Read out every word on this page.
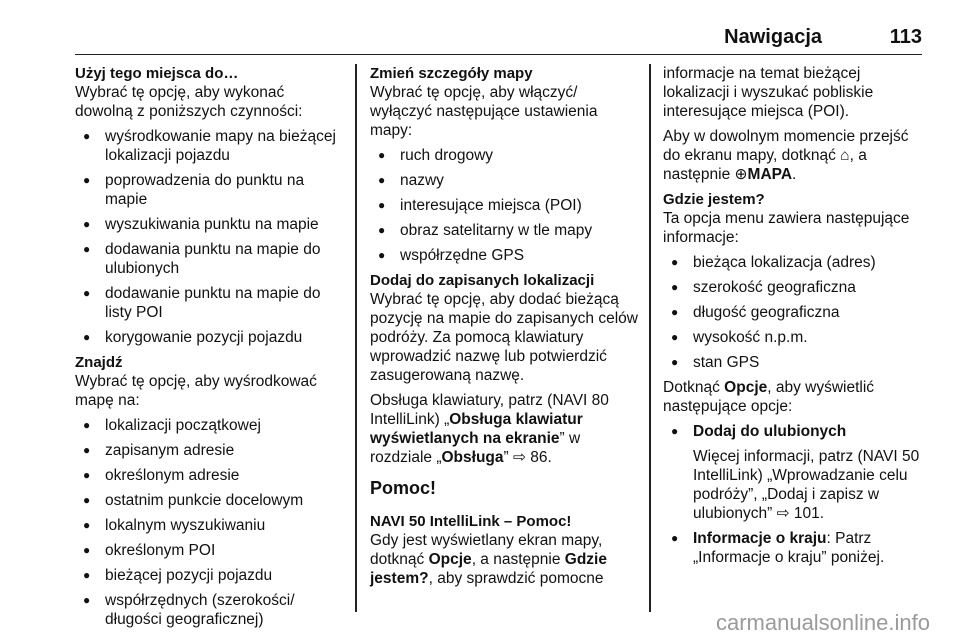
Nawigacja	113
Użyj tego miejsca do…

Wybrać tę opcję, aby wykonać dowolną z poniższych czynności:

● wyśrodkowanie mapy na bieżącej lokalizacji pojazdu
● poprowadzenia do punktu na mapie
● wyszukiwania punktu na mapie
● dodawania punktu na mapie do ulubionych
● dodawanie punktu na mapie do listy POI
● korygowanie pozycji pojazdu
Znajdź

Wybrać tę opcję, aby wyśrodkować mapę na:

● lokalizacji początkowej
● zapisanym adresie
● określonym adresie
● ostatnim punkcie docelowym
● lokalnym wyszukiwaniu
● określonym POI
● bieżącej pozycji pojazdu
● współrzędnych (szerokości/ długości geograficznej)
Zmień szczegóły mapy

Wybrać tę opcję, aby włączyć/ wyłączyć następujące ustawienia mapy:

● ruch drogowy
● nazwy
● interesujące miejsca (POI)
● obraz satelitarny w tle mapy
● współrzędne GPS
Dodaj do zapisanych lokalizacji

Wybrać tę opcję, aby dodać bieżącą pozycję na mapie do zapisanych celów podróży. Za pomocą klawiatury wprowadzić nazwę lub potwierdzić zasugerowaną nazwę.

Obsługa klawiatury, patrz (NAVI 80 IntelliLink) „Obsługa klawiatur wyświetlanych na ekranie” w rozdziale „Obsługa” ⇨ 86.

Pomoc!
NAVI 50 IntelliLink – Pomoc!

Gdy jest wyświetlany ekran mapy, dotknąć Opcje, a następnie Gdzie jestem?, aby sprawdzić pomocne

informacje na temat bieżącej lokalizacji i wyszukać pobliskie interesujące miejsca (POI).

Aby w dowolnym momencie przejść do ekranu mapy, dotknąć ⌂, a następnie ⊕MAPA.

Gdzie jestem?

Ta opcja menu zawiera następujące informacje:

● bieżąca lokalizacja (adres)
● szerokość geograficzna
● długość geograficzna
● wysokość n.p.m.
● stan GPS

Dotknąć Opcje, aby wyświetlić następujące opcje:

● Dodaj do ulubionych
Więcej informacji, patrz (NAVI 50 IntelliLink) „Wprowadzanie celu podróży”, „Dodaj i zapisz w ulubionych” ⇨ 101.
● Informacje o kraju: Patrz „Informacje o kraju” poniżej.
carmanualsonline.info
